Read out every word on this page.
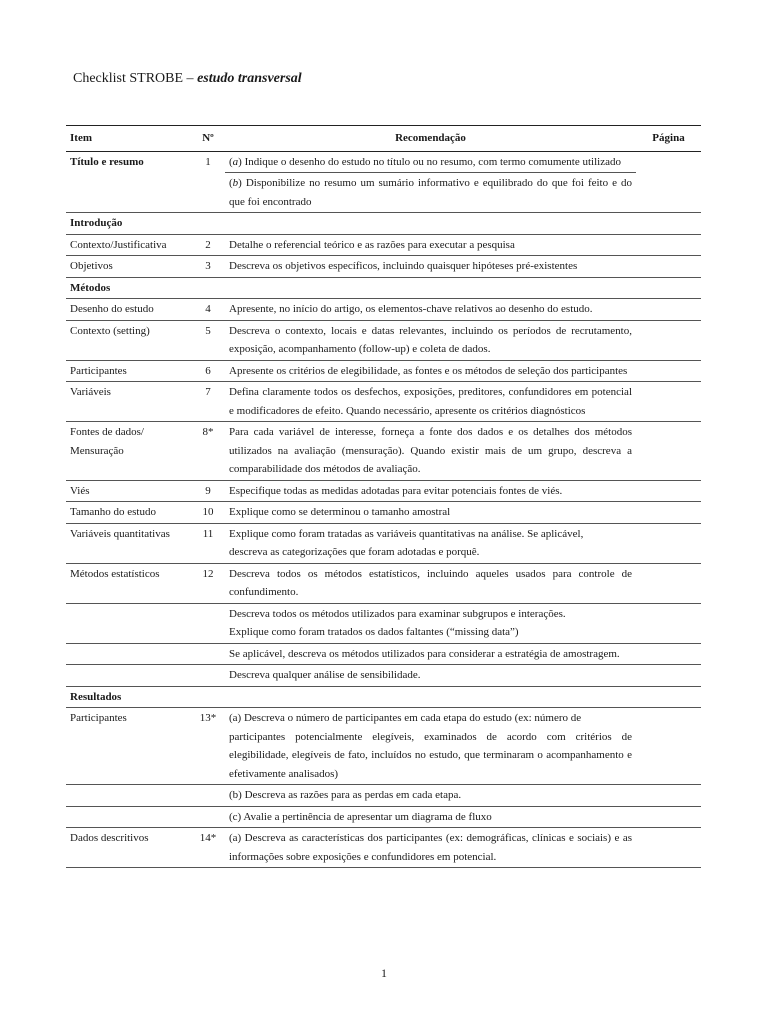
Checklist STROBE – estudo transversal
Item	Nº	Recomendação	Página
Título e resumo	1	(a) Indique o desenho do estudo no título ou no resumo, com termo comumente utilizado	
		(b) Disponibilize no resumo um sumário informativo e equilibrado do que foi feito e do que foi encontrado	
Introdução			
Contexto/Justificativa	2	Detalhe o referencial teórico e as razões para executar a pesquisa	
Objetivos	3	Descreva os objetivos específicos, incluindo quaisquer hipóteses pré-existentes	
Métodos			
Desenho do estudo	4	Apresente, no início do artigo, os elementos-chave relativos ao desenho do estudo.	
Contexto (setting)	5	Descreva o contexto, locais e datas relevantes, incluindo os períodos de recrutamento, exposição, acompanhamento (follow-up) e coleta de dados.	
Participantes	6	Apresente os critérios de elegibilidade, as fontes e os métodos de seleção dos participantes	
Variáveis	7	Defina claramente todos os desfechos, exposições, preditores, confundidores em potencial e modificadores de efeito. Quando necessário, apresente os critérios diagnósticos	
Fontes de dados/ Mensuração	8*	Para cada variável de interesse, forneça a fonte dos dados e os detalhes dos métodos utilizados na avaliação (mensuração). Quando existir mais de um grupo, descreva a comparabilidade dos métodos de avaliação.	
Viés	9	Especifique todas as medidas adotadas para evitar potenciais fontes de viés.	
Tamanho do estudo	10	Explique como se determinou o tamanho amostral	
Variáveis quantitativas	11	Explique como foram tratadas as variáveis quantitativas na análise. Se aplicável,
descreva as categorizações que foram adotadas e porquê.	
Métodos estatísticos	12	Descreva todos os métodos estatísticos, incluindo aqueles usados para controle de confundimento.	
		Descreva todos os métodos utilizados para examinar subgrupos e interações.
Explique como foram tratados os dados faltantes (“missing data”)	
		Se aplicável, descreva os métodos utilizados para considerar a estratégia de amostragem.	
		Descreva qualquer análise de sensibilidade.	
Resultados			
Participantes	13*	(a) Descreva o número de participantes em cada etapa do estudo (ex: número de
participantes potencialmente elegíveis, examinados de acordo com critérios de elegibilidade, elegíveis de fato, incluídos no estudo, que terminaram o acompanhamento e efetivamente analisados)	
		(b) Descreva as razões para as perdas em cada etapa.	
		(c) Avalie a pertinência de apresentar um diagrama de fluxo	
Dados descritivos	14*	(a) Descreva as características dos participantes (ex: demográficas, clínicas e sociais) e as informações sobre exposições e confundidores em potencial.	
1
